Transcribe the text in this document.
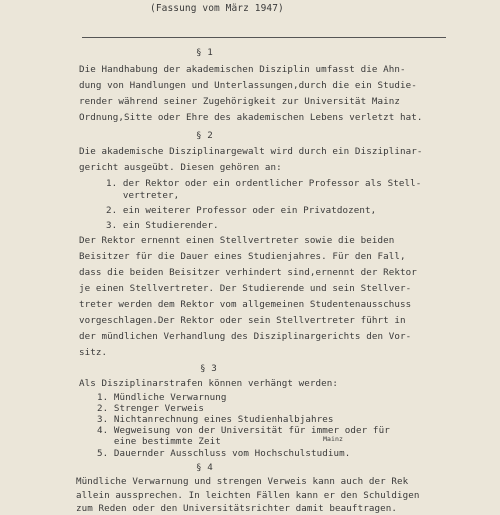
(Fassung vom März 1947)
§ 1
Die Handhabung der akademischen Disziplin umfasst die Ahn-
dung von Handlungen und Unterlassungen,durch die ein Studie-
render während seiner Zugehörigkeit zur Universität Mainz
Ordnung,Sitte oder Ehre des akademischen Lebens verletzt hat.
§ 2
Die akademische Disziplinargewalt wird durch ein Disziplinar-
gericht ausgeübt. Diesen gehören an:
1. der Rektor oder ein ordentlicher Professor als Stell-
vertreter,
2. ein weiterer Professor oder ein Privatdozent,
3. ein Studierender.
Der Rektor ernennt einen Stellvertreter sowie die beiden
Beisitzer für die Dauer eines Studienjahres. Für den Fall,
dass die beiden Beisitzer verhindert sind,ernennt der Rektor
je einen Stellvertreter. Der Studierende und sein Stellver-
treter werden dem Rektor vom allgemeinen Studentenausschuss
vorgeschlagen.Der Rektor oder sein Stellvertreter führt in
der mündlichen Verhandlung des Disziplinargerichts den Vor-
sitz.
§ 3
Als Disziplinarstrafen können verhängt werden:
1. Mündliche Verwarnung
2. Strenger Verweis
3. Nichtanrechnung eines Studienhalbjahres
4. Wegweisung von der Universität für immer oder für
eine bestimmte Zeit	Mainz
5. Dauernder Ausschluss vom Hochschulstudium.
§ 4
Mündliche Verwarnung und strengen Verweis kann auch der Rek
allein aussprechen. In leichten Fällen kann er den Schuldigen
zum Reden oder den Universitätsrichter damit beauftragen.
